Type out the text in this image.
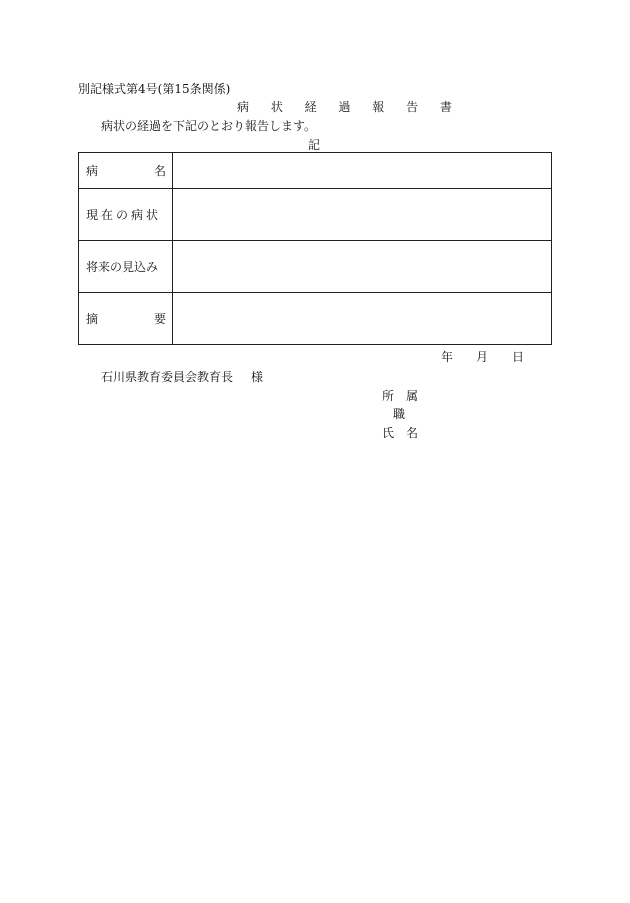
別記様式第4号(第15条関係)
病 状 経 過 報 告 書
病状の経過を下記のとおり報告します。
記
病 名	

現在の病状	
将来の見込み	

摘 要	

年 月 日
石川県教育委員会教育長 様
所　属
職
氏　名
